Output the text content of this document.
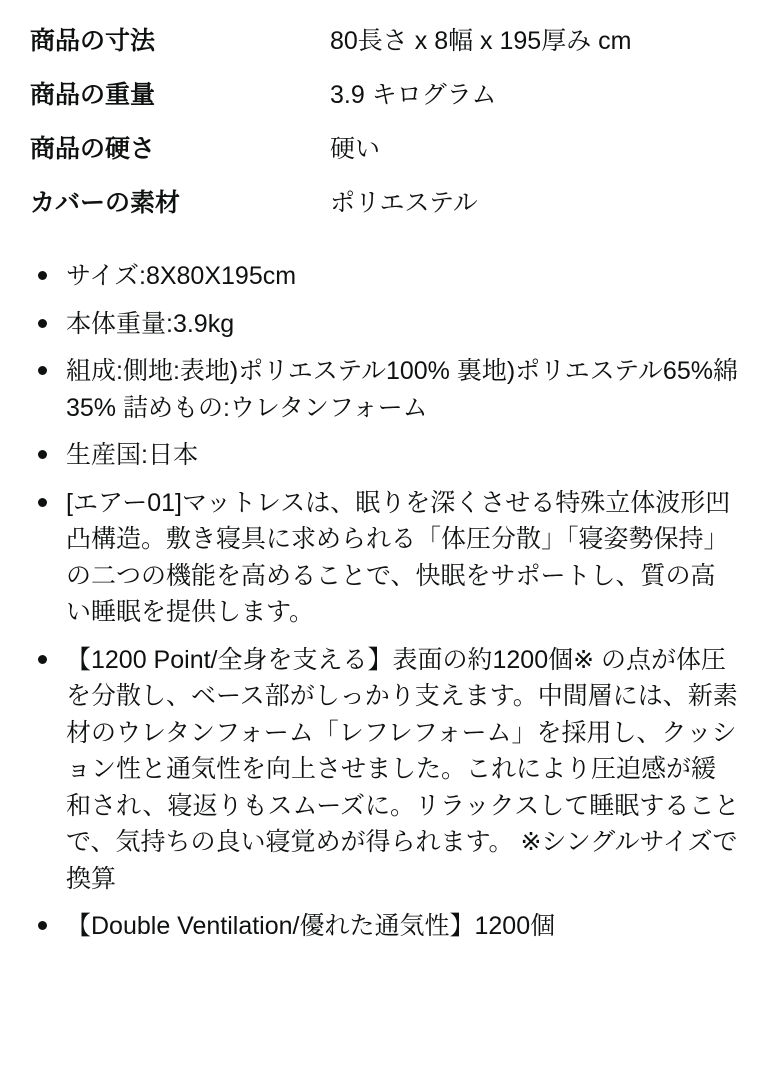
商品の寸法	80長さ x 8幅 x 195厚み cm
商品の重量	3.9 キログラム
商品の硬さ	硬い
カバーの素材	ポリエステル
サイズ:8X80X195cm
本体重量:3.9kg
組成:側地:表地)ポリエステル100% 裏地)ポリエステル65%綿35% 詰めもの:ウレタンフォーム
生産国:日本
[エアー01]マットレスは、眠りを深くさせる特殊立体波形凹凸構造。敷き寝具に求められる「体圧分散」「寝姿勢保持」の二つの機能を高めることで、快眠をサポートし、質の高い睡眠を提供します。
【1200 Point/全身を支える】表面の約1200個※ の点が体圧を分散し、ベース部がしっかり支えます。中間層には、新素材のウレタンフォーム「レフレフォーム」を採用し、クッション性と通気性を向上させました。これにより圧迫感が緩和され、寝返りもスムーズに。リラックスして睡眠することで、気持ちの良い寝覚めが得られます。 ※シングルサイズで換算
【Double Ventilation/優れた通気性】1200個
